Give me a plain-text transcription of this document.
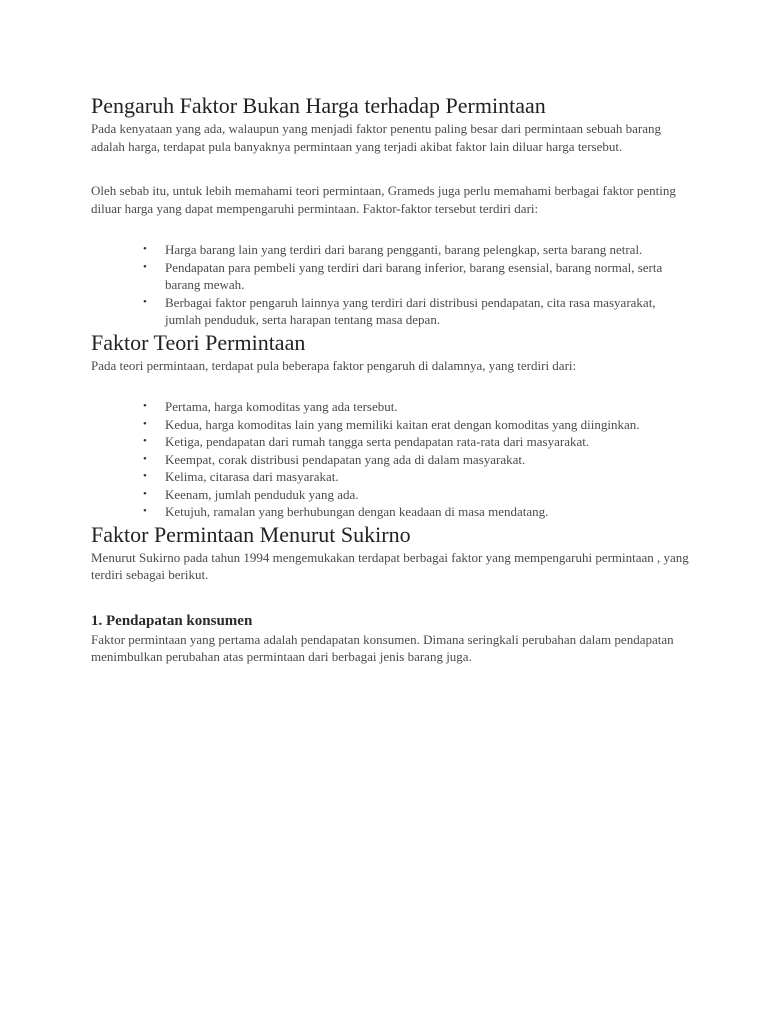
Pengaruh Faktor Bukan Harga terhadap Permintaan

Pada kenyataan yang ada, walaupun yang menjadi faktor penentu paling besar dari permintaan sebuah barang adalah harga, terdapat pula banyaknya permintaan yang terjadi akibat faktor lain diluar harga tersebut.

Oleh sebab itu, untuk lebih memahami teori permintaan, Grameds juga perlu memahami berbagai faktor penting diluar harga yang dapat mempengaruhi permintaan. Faktor-faktor tersebut terdiri dari:

• Harga barang lain yang terdiri dari barang pengganti, barang pelengkap, serta barang netral.
• Pendapatan para pembeli yang terdiri dari barang inferior, barang esensial, barang normal, serta barang mewah.
• Berbagai faktor pengaruh lainnya yang terdiri dari distribusi pendapatan, cita rasa masyarakat, jumlah penduduk, serta harapan tentang masa depan.
Faktor Teori Permintaan

Pada teori permintaan, terdapat pula beberapa faktor pengaruh di dalamnya, yang terdiri dari:

• Pertama, harga komoditas yang ada tersebut.
• Kedua, harga komoditas lain yang memiliki kaitan erat dengan komoditas yang diinginkan.
• Ketiga, pendapatan dari rumah tangga serta pendapatan rata-rata dari masyarakat.
• Keempat, corak distribusi pendapatan yang ada di dalam masyarakat.
• Kelima, citarasa dari masyarakat.
• Keenam, jumlah penduduk yang ada.
• Ketujuh, ramalan yang berhubungan dengan keadaan di masa mendatang.
Faktor Permintaan Menurut Sukirno

Menurut Sukirno pada tahun 1994 mengemukakan terdapat berbagai faktor yang mempengaruhi permintaan , yang terdiri sebagai berikut.

1. Pendapatan konsumen

Faktor permintaan yang pertama adalah pendapatan konsumen. Dimana seringkali perubahan dalam pendapatan menimbulkan perubahan atas permintaan dari berbagai jenis barang juga.
